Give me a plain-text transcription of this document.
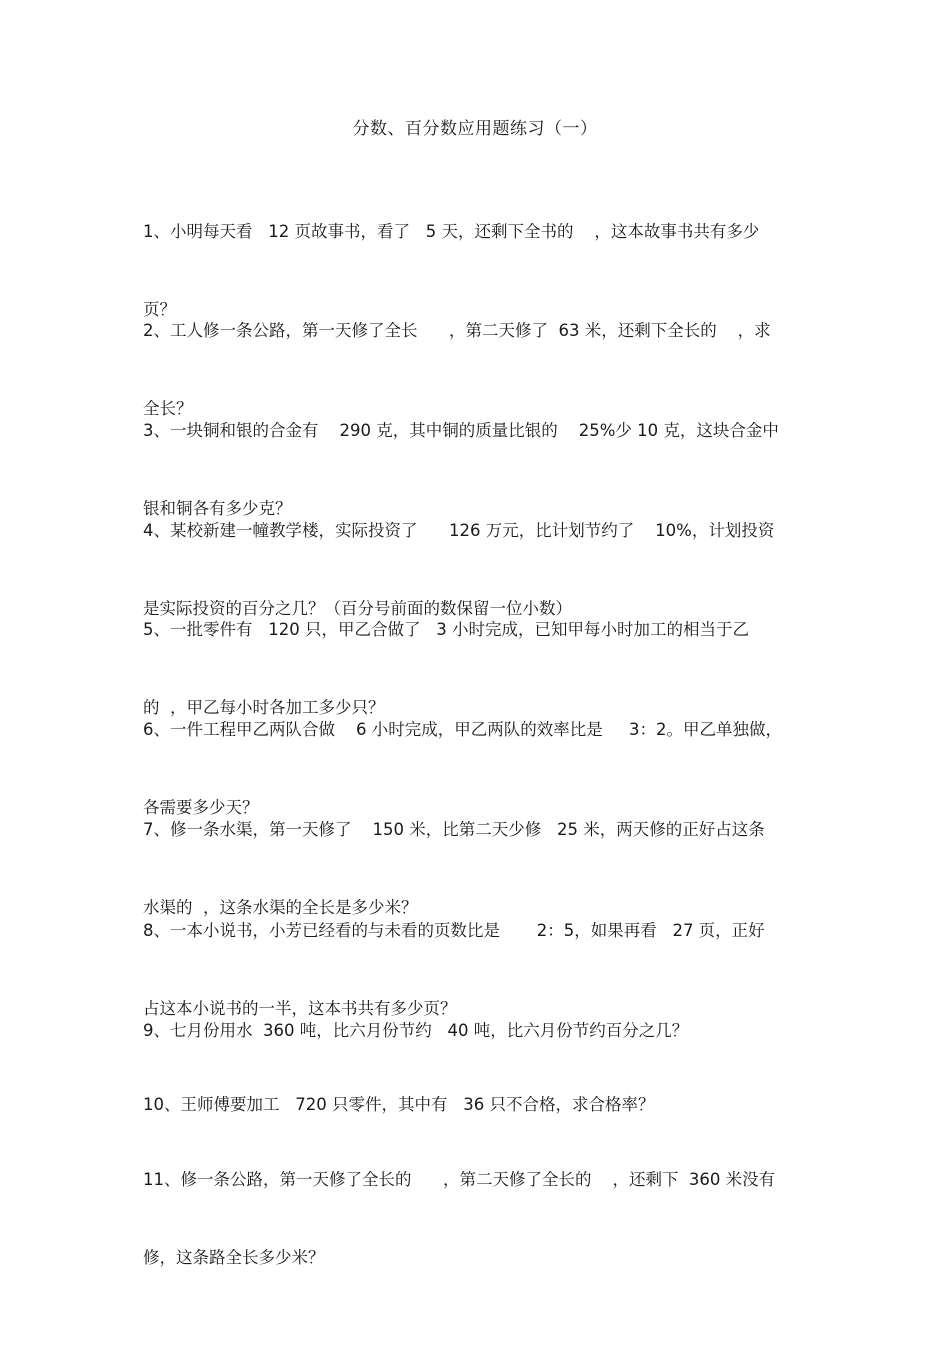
分数、百分数应用题练习（一）

1、小明每天看   12 页故事书，看了   5 天，还剩下全书的    ，这本故事书共有多少

页？

2、工人修一条公路，第一天修了全长      ，第二天修了  63 米，还剩下全长的    ，求

全长？

3、一块铜和银的合金有    290 克，其中铜的质量比银的    25%少 10 克，这块合金中

银和铜各有多少克？

4、某校新建一幢教学楼，实际投资了      126 万元，比计划节约了    10%，计划投资

是实际投资的百分之几？（百分号前面的数保留一位小数）

5、一批零件有   120 只，甲乙合做了   3 小时完成，已知甲每小时加工的相当于乙

的  ，甲乙每小时各加工多少只？

6、一件工程甲乙两队合做    6 小时完成，甲乙两队的效率比是     3：2。甲乙单独做，

各需要多少天？

7、修一条水渠，第一天修了    150 米，比第二天少修   25 米，两天修的正好占这条

水渠的  ，这条水渠的全长是多少米？

8、一本小说书，小芳已经看的与未看的页数比是       2：5，如果再看   27 页，正好

占这本小说书的一半，这本书共有多少页？

9、七月份用水  360 吨，比六月份节约   40 吨，比六月份节约百分之几？

10、王师傅要加工   720 只零件，其中有   36 只不合格，求合格率？

11、修一条公路，第一天修了全长的      ，第二天修了全长的    ，还剩下  360 米没有

修，这条路全长多少米？
